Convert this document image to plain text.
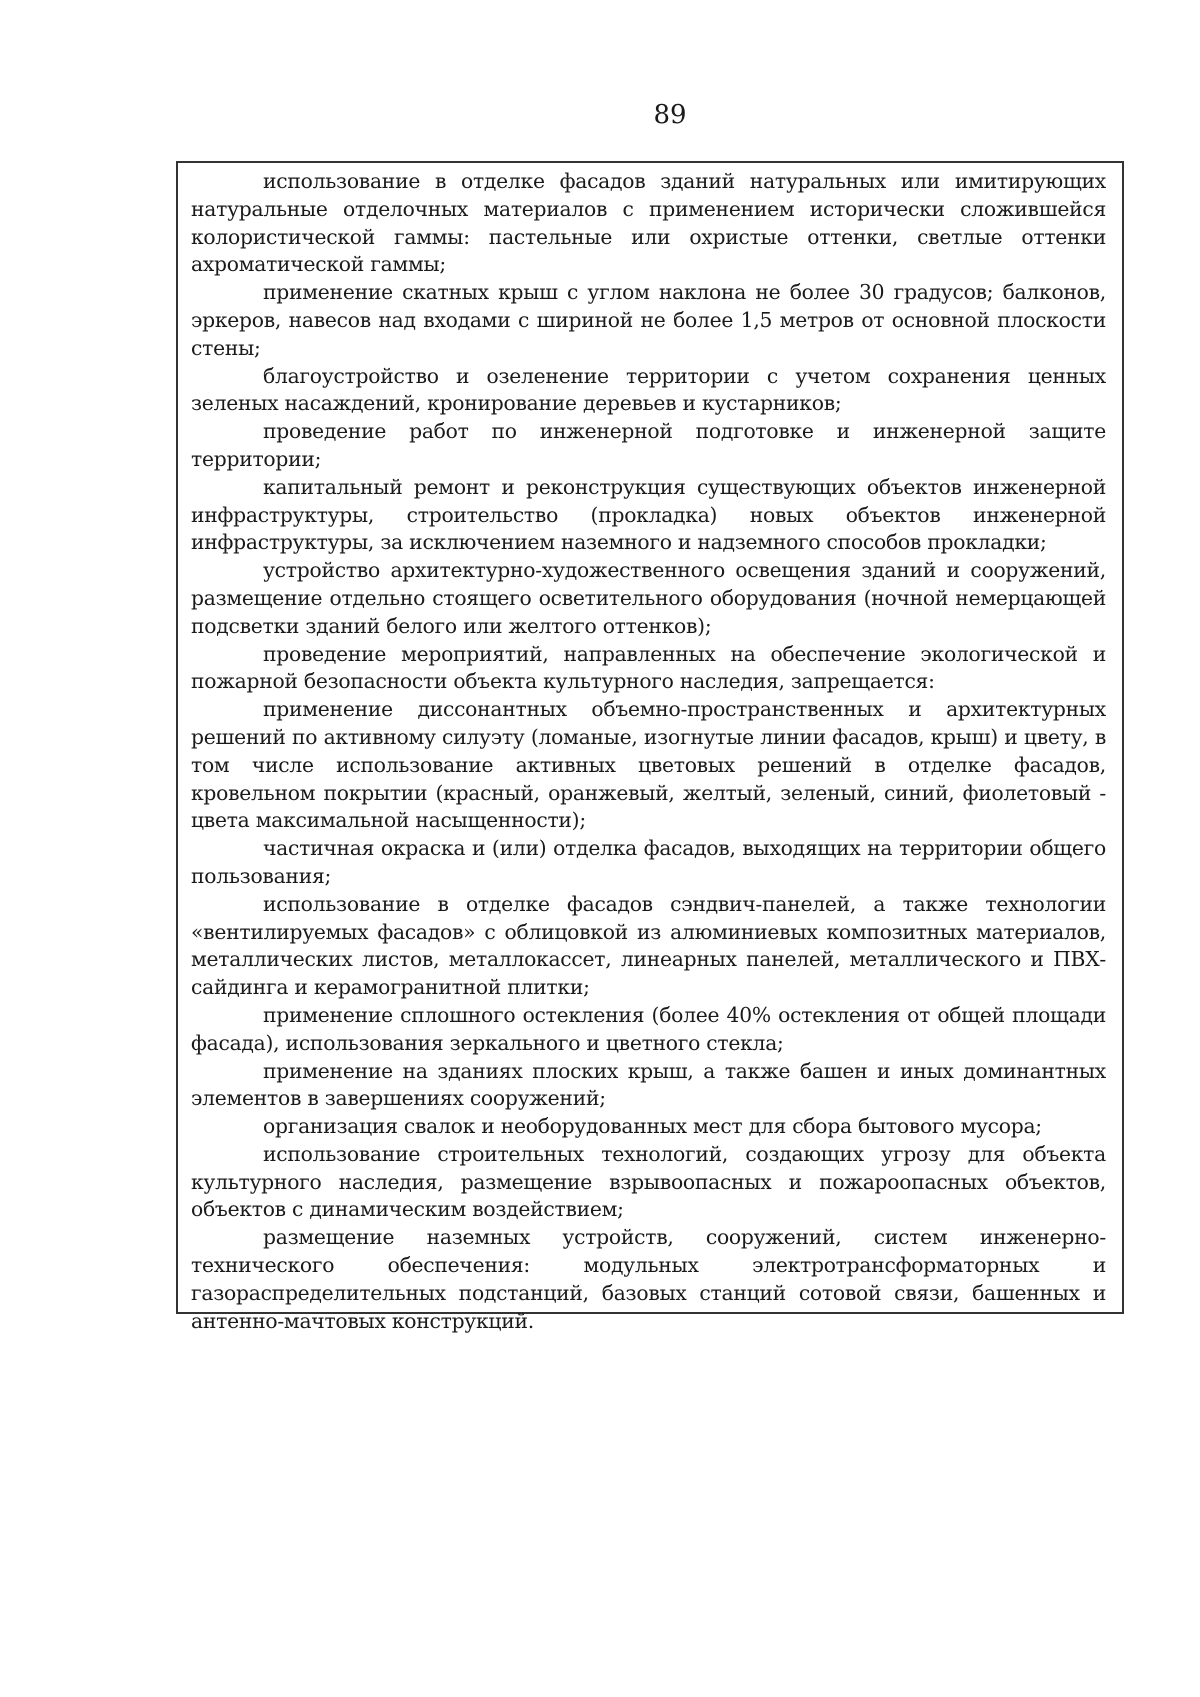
89

использование в отделке фасадов зданий натуральных или имитирующих натуральные отделочных материалов с применением исторически сложившейся колористической гаммы: пастельные или охристые оттенки, светлые оттенки ахроматической гаммы;

применение скатных крыш с углом наклона не более 30 градусов; балконов, эркеров, навесов над входами с шириной не более 1,5 метров от основной плоскости стены;

благоустройство и озеленение территории с учетом сохранения ценных зеленых насаждений, кронирование деревьев и кустарников;

проведение работ по инженерной подготовке и инженерной защите территории;

капитальный ремонт и реконструкция существующих объектов инженерной инфраструктуры, строительство (прокладка) новых объектов инженерной инфраструктуры, за исключением наземного и надземного способов прокладки;

устройство архитектурно-художественного освещения зданий и сооружений, размещение отдельно стоящего осветительного оборудования (ночной немерцающей подсветки зданий белого или желтого оттенков);

проведение мероприятий, направленных на обеспечение экологической и пожарной безопасности объекта культурного наследия, запрещается:

применение диссонантных объемно-пространственных и архитектурных решений по активному силуэту (ломаные, изогнутые линии фасадов, крыш) и цвету, в том числе использование активных цветовых решений в отделке фасадов, кровельном покрытии (красный, оранжевый, желтый, зеленый, синий, фиолетовый - цвета максимальной насыщенности);

частичная окраска и (или) отделка фасадов, выходящих на территории общего пользования;

использование в отделке фасадов сэндвич-панелей, а также технологии «вентилируемых фасадов» с облицовкой из алюминиевых композитных материалов, металлических листов, металлокассет, линеарных панелей, металлического и ПВХ-сайдинга и керамогранитной плитки;

применение сплошного остекления (более 40% остекления от общей площади фасада), использования зеркального и цветного стекла;

применение на зданиях плоских крыш, а также башен и иных доминантных элементов в завершениях сооружений;

организация свалок и необорудованных мест для сбора бытового мусора;

использование строительных технологий, создающих угрозу для объекта культурного наследия, размещение взрывоопасных и пожароопасных объектов, объектов с динамическим воздействием;

размещение наземных устройств, сооружений, систем инженерно-технического обеспечения: модульных электротрансформаторных и газораспределительных подстанций, базовых станций сотовой связи, башенных и антенно-мачтовых конструкций.
